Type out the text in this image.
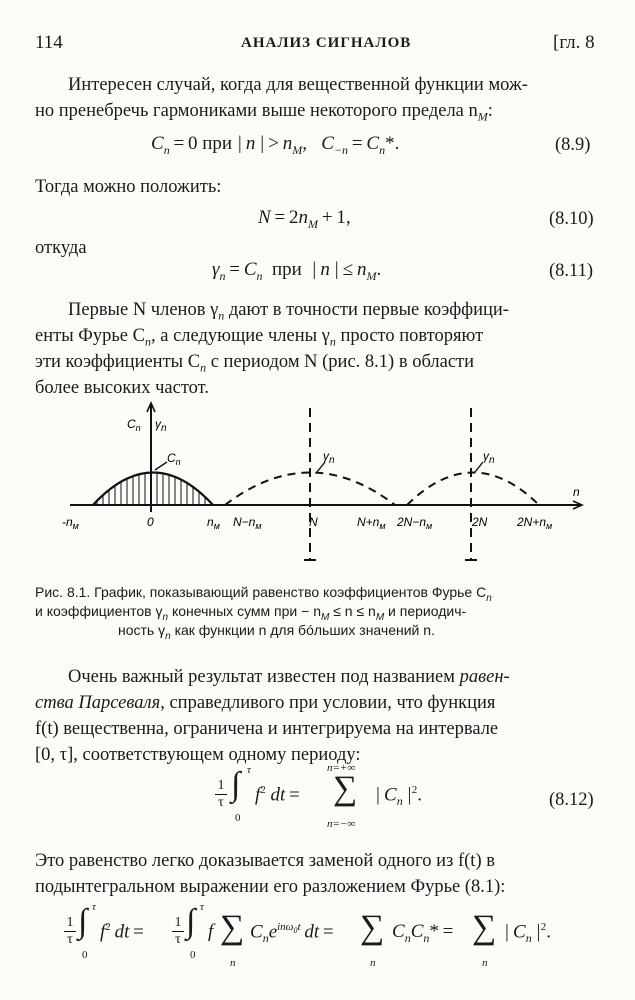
114	АНАЛИЗ СИГНАЛОВ	[гл. 8
Интересен случай, когда для вещественной функции мож-
но пренебречь гармониками выше некоторого предела $n_M$:
$C_n = 0$ при | n | > $n_M$,   $C_{-n} = C_n*$.	(8.9)
Тогда можно положить:
$N = 2n_M + 1$,	(8.10)
откуда
$\gamma_n = C_n$  при  | n | ≤ $n_M$.	(8.11)
Первые N членов $\gamma_n$ дают в точности первые коэффици-
енты Фурье $C_n$, а следующие члены $\gamma_n$ просто повторяют
эти коэффициенты $C_n$ с периодом N (рис. 8.1) в области
более высоких частот.
$C_n$ $\gamma_n$
$C_n$	$\gamma_n$	$\gamma_n$
n
$-n_м$	0	$n_м$ $N-n_м$	N	$N+n_м$ $2N-n_м$	2N $2N+n_м$
Рис. 8.1. График, показывающий равенство коэффициентов Фурье $C_n$
и коэффициентов $\gamma_n$ конечных сумм при − $n_M \le n \le n_M$ и периодич-
ность $\gamma_n$ как функции n для бóльших значений n.
Очень важный результат известен под названием равен-
ства Парсеваля, справедливого при условии, что функция
f(t) вещественна, ограничена и интегрируема на интервале
[0, τ], соответствующем одному периоду:
1

τ ∫ τ
0
$f^2$ dt =
n=+∞
∑
n=−∞
| $C_n$ $|^2$.	(8.12)
Это равенство легко доказывается заменой одного из f(t) в
подынтегральном выражении его разложением Фурье (8.1):
1

τ ∫ τ
0
$f^2$ dt = 1

τ ∫ τ
0
f ∑
n
$C_ne^{in\omega_0t}$ dt = ∑
n
$C_nC_n*$ = ∑
n
| $C_n$ $|^2$.
